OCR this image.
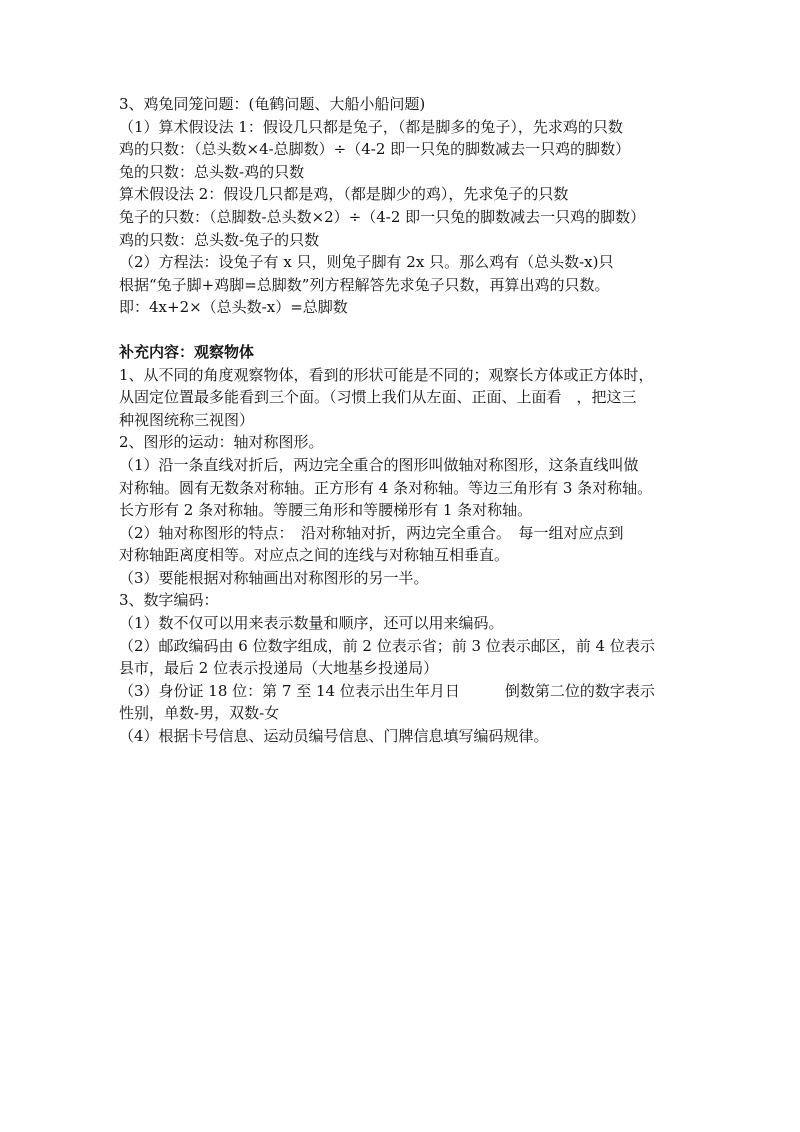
3、鸡兔同笼问题：(龟鹤问题、大船小船问题)
（1）算术假设法 1：假设几只都是兔子，（都是脚多的兔子），先求鸡的只数
鸡的只数：（总头数×4-总脚数）÷（4-2 即一只兔的脚数减去一只鸡的脚数）
兔的只数：总头数-鸡的只数
算术假设法 2：假设几只都是鸡，（都是脚少的鸡），先求兔子的只数
兔子的只数：（总脚数-总头数×2）÷（4-2 即一只兔的脚数减去一只鸡的脚数）
鸡的只数：总头数-兔子的只数
（2）方程法：设兔子有 x 只，则兔子脚有 2x 只。那么鸡有（总头数-x)只
根据“兔子脚+鸡脚=总脚数”列方程解答先求兔子只数，再算出鸡的只数。
即：4x+2×（总头数-x）=总脚数
补充内容：观察物体
1、从不同的角度观察物体，看到的形状可能是不同的；观察长方体或正方体时，
从固定位置最多能看到三个面。（习惯上我们从左面、正面、上面看　，把这三
种视图统称三视图）
2、图形的运动：轴对称图形。
（1）沿一条直线对折后，两边完全重合的图形叫做轴对称图形，这条直线叫做
对称轴。圆有无数条对称轴。正方形有 4 条对称轴。等边三角形有 3 条对称轴。
长方形有 2 条对称轴。等腰三角形和等腰梯形有 1 条对称轴。
（2）轴对称图形的特点：　沿对称轴对折，两边完全重合。　每一组对应点到
对称轴距离度相等。对应点之间的连线与对称轴互相垂直。
（3）要能根据对称轴画出对称图形的另一半。
3、数字编码：
（1）数不仅可以用来表示数量和顺序，还可以用来编码。
（2）邮政编码由 6 位数字组成，前 2 位表示省；前 3 位表示邮区，前 4 位表示
县市，最后 2 位表示投递局（大地基乡投递局）
（3）身份证 18 位：第 7 至 14 位表示出生年月日　　　倒数第二位的数字表示
性别，单数-男，双数-女
（4）根据卡号信息、运动员编号信息、门牌信息填写编码规律。
